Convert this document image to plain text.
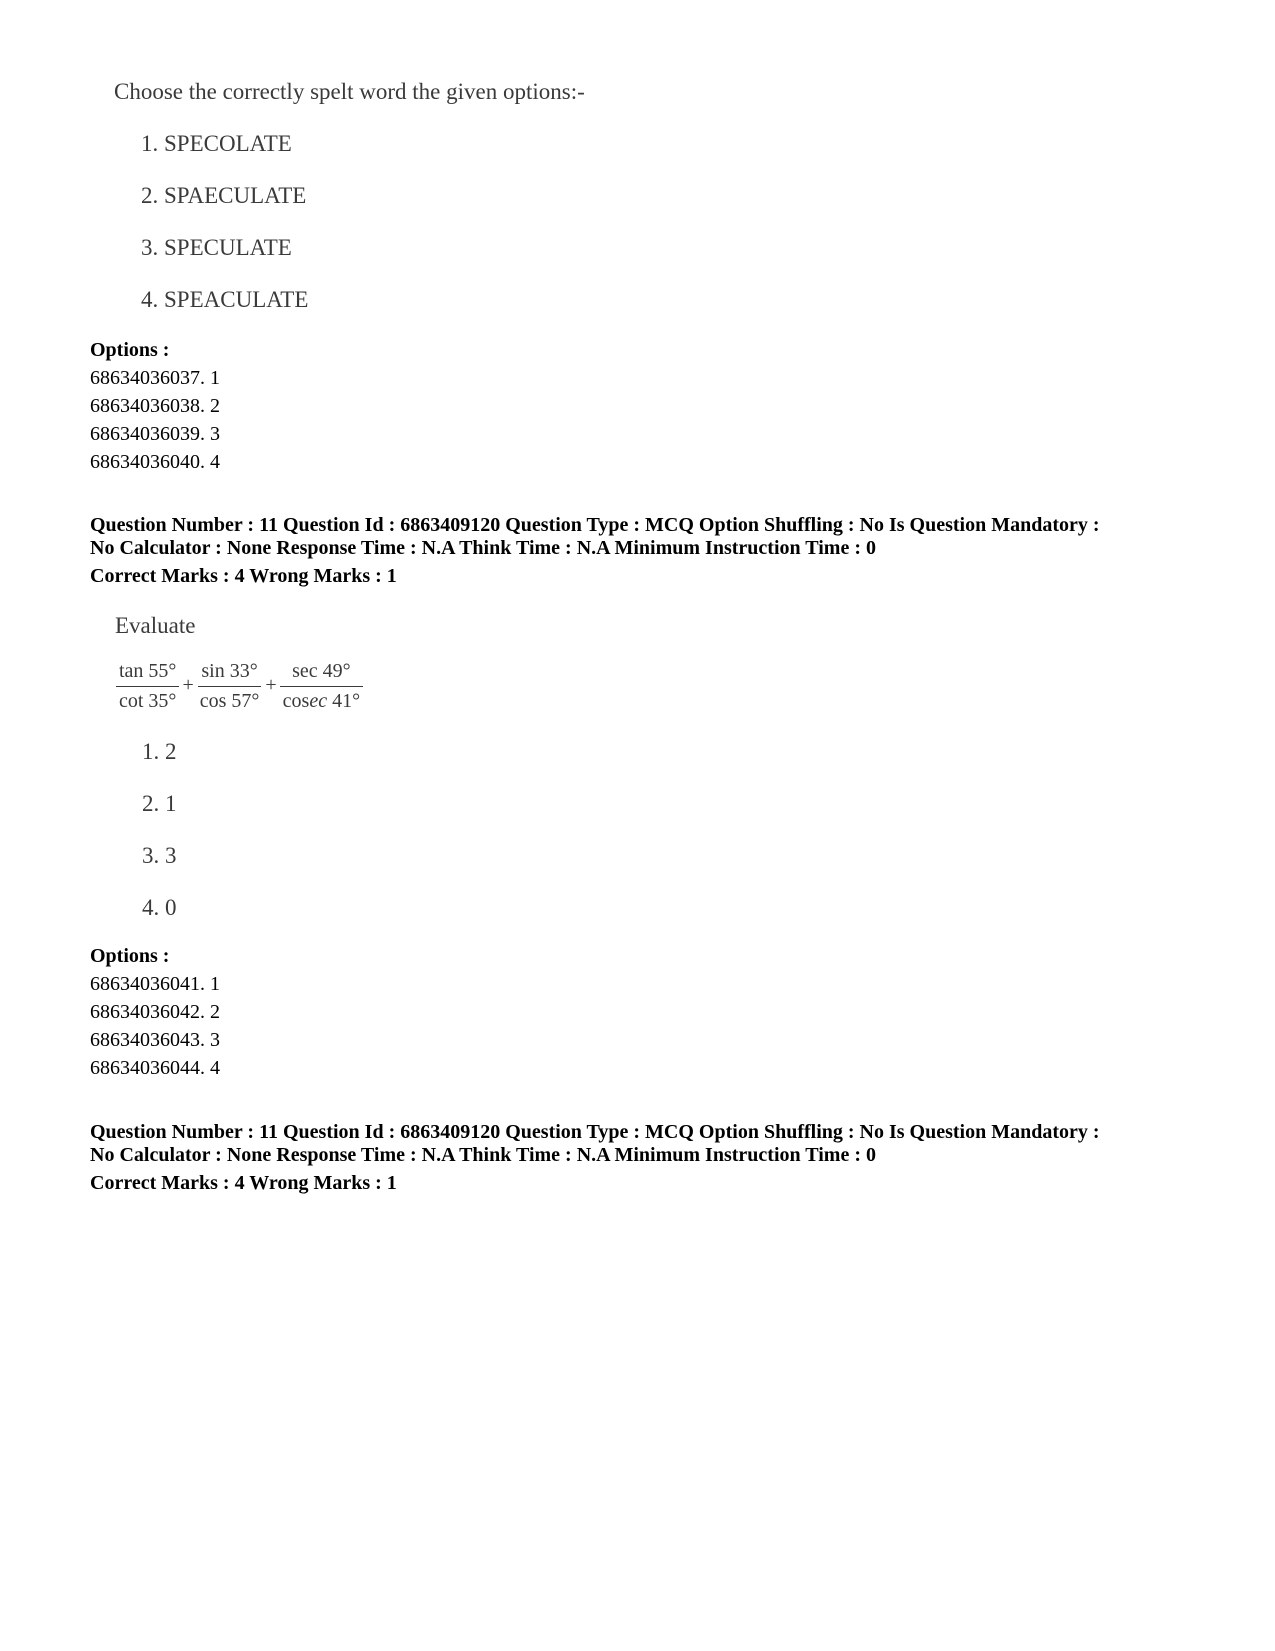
Choose the correctly spelt word the given options:-
1. SPECOLATE
2. SPAECULATE
3. SPECULATE
4. SPEACULATE
Options :
68634036037. 1
68634036038. 2
68634036039. 3
68634036040. 4
Question Number : 11 Question Id : 6863409120 Question Type : MCQ Option Shuffling : No Is Question Mandatory :
No Calculator : None Response Time : N.A Think Time : N.A Minimum Instruction Time : 0
Correct Marks : 4 Wrong Marks : 1
Evaluate
$\frac{\tan 55^\circ}{\cot 35^\circ} + \frac{\sin 33^\circ}{\cos 57^\circ} + \frac{\sec 49^\circ}{cosec 41^\circ}$
1. 2
2. 1
3. 3
4. 0
Options :
68634036041. 1
68634036042. 2
68634036043. 3
68634036044. 4
Question Number : 11 Question Id : 6863409120 Question Type : MCQ Option Shuffling : No Is Question Mandatory :
No Calculator : None Response Time : N.A Think Time : N.A Minimum Instruction Time : 0
Correct Marks : 4 Wrong Marks : 1
